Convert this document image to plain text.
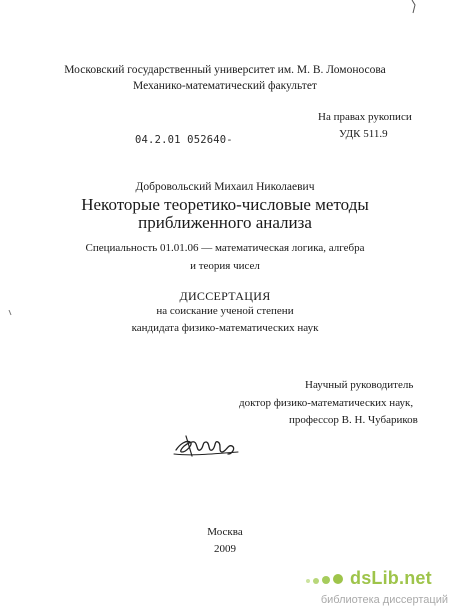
Московский государственный университет им. М. В. Ломоносова
Механико-математический факультет
На правах рукописи
УДК 511.9
04.2.01 052640-
Добровольский Михаил Николаевич
Некоторые теоретико-числовые методы
приближенного анализа
Специальность 01.01.06 — математическая логика, алгебра
и теория чисел
ДИССЕРТАЦИЯ
на соискание ученой степени
кандидата физико-математических наук
Научный руководитель
доктор физико-математических наук,
профессор В. Н. Чубариков
Москва
2009
dsLib.net
библиотека диссертаций
